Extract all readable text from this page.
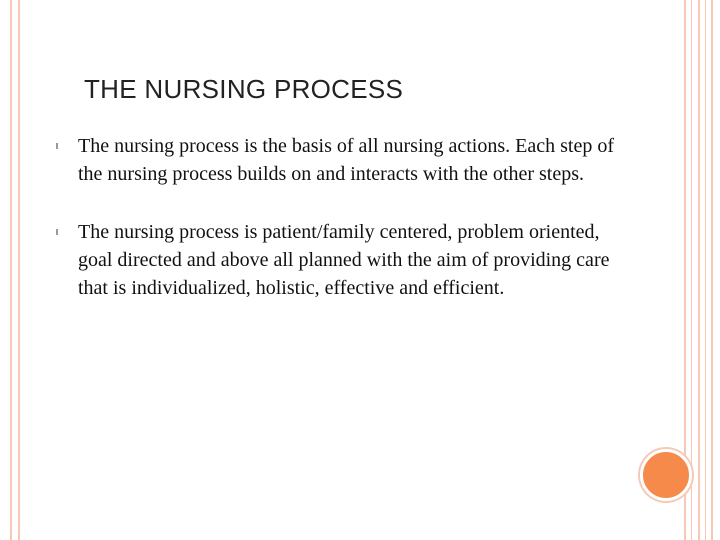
THE NURSING PROCESS
The nursing process is the basis of all nursing actions. Each step of the nursing process builds on and interacts with the other steps.
The nursing process is patient/family centered, problem oriented, goal directed and above all planned with the aim of providing care that is individualized, holistic, effective and efficient.
